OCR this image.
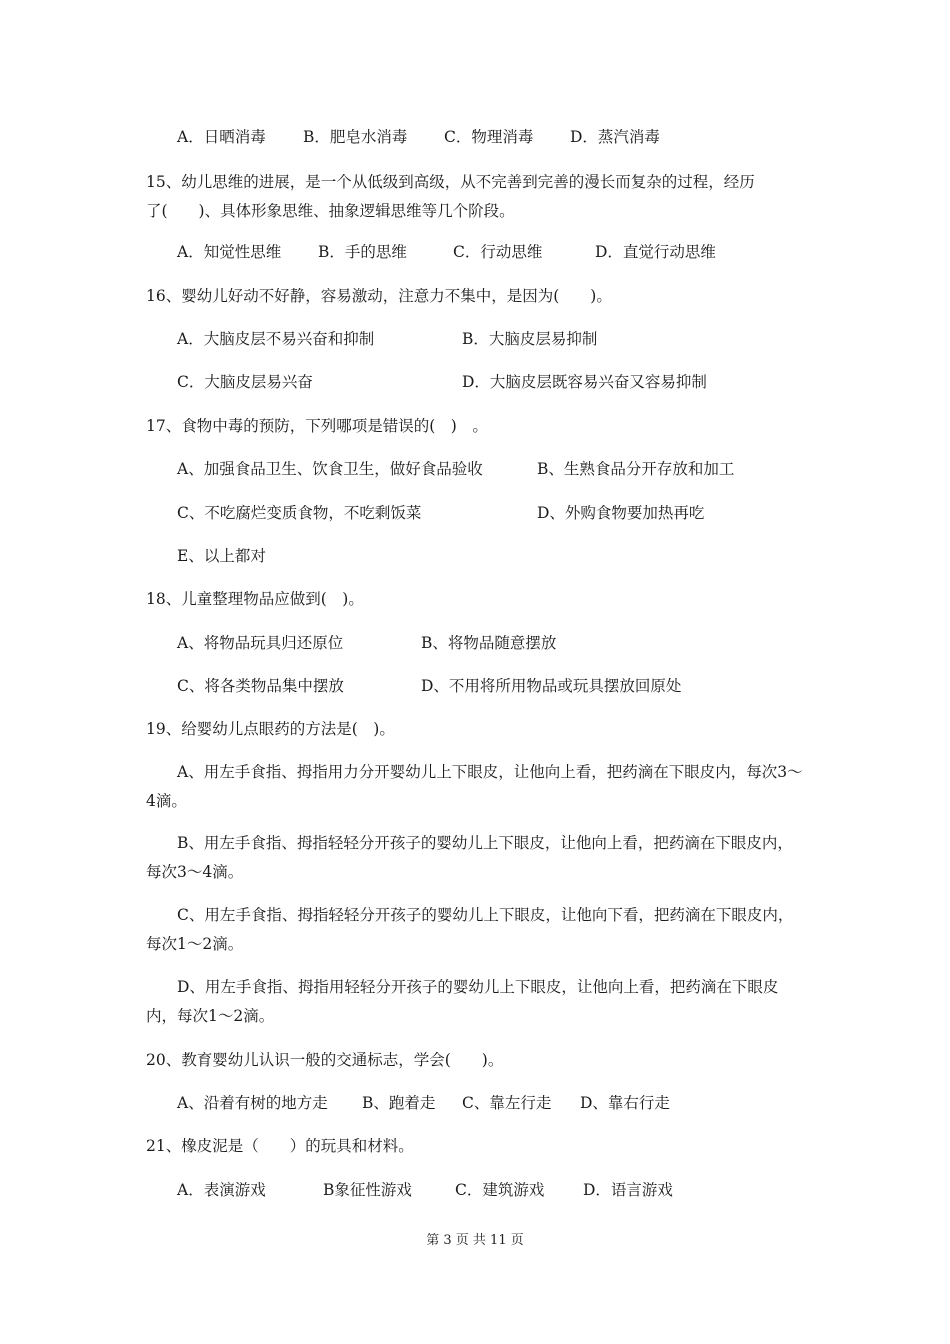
A．日晒消毒 B．肥皂水消毒 C．物理消毒 D．蒸汽消毒
15、幼儿思维的进展，是一个从低级到高级，从不完善到完善的漫长而复杂的过程，经历
了(　　)、具体形象思维、抽象逻辑思维等几个阶段。
A．知觉性思维 B．手的思维	C．行动思维	D．直觉行动思维
16、婴幼儿好动不好静，容易激动，注意力不集中，是因为(　　)。
A．大脑皮层不易兴奋和抑制	B．大脑皮层易抑制
C．大脑皮层易兴奋	D．大脑皮层既容易兴奋又容易抑制
17、食物中毒的预防，下列哪项是错误的(　)　。
A、加强食品卫生、饮食卫生，做好食品验收	B、生熟食品分开存放和加工
C、不吃腐烂变质食物，不吃剩饭菜	D、外购食物要加热再吃
E、以上都对
18、儿童整理物品应做到(　)。
A、将物品玩具归还原位	B、将物品随意摆放
C、将各类物品集中摆放	D、不用将所用物品或玩具摆放回原处
19、给婴幼儿点眼药的方法是(　)。
A、用左手食指、拇指用力分开婴幼儿上下眼皮，让他向上看，把药滴在下眼皮内，每次3～4滴。
B、用左手食指、拇指轻轻分开孩子的婴幼儿上下眼皮，让他向上看，把药滴在下眼皮内，每次3～4滴。
C、用左手食指、拇指轻轻分开孩子的婴幼儿上下眼皮，让他向下看，把药滴在下眼皮内，每次1～2滴。
D、用左手食指、拇指用轻轻分开孩子的婴幼儿上下眼皮，让他向上看，把药滴在下眼皮内，每次1～2滴。
20、教育婴幼儿认识一般的交通标志，学会(　　)。
A、沿着有树的地方走 B、跑着走 C、靠左行走 D、靠右行走
21、橡皮泥是（　　）的玩具和材料。
A．表演游戏	B象征性游戏	C．建筑游戏 D．语言游戏
第 3 页 共 11 页
